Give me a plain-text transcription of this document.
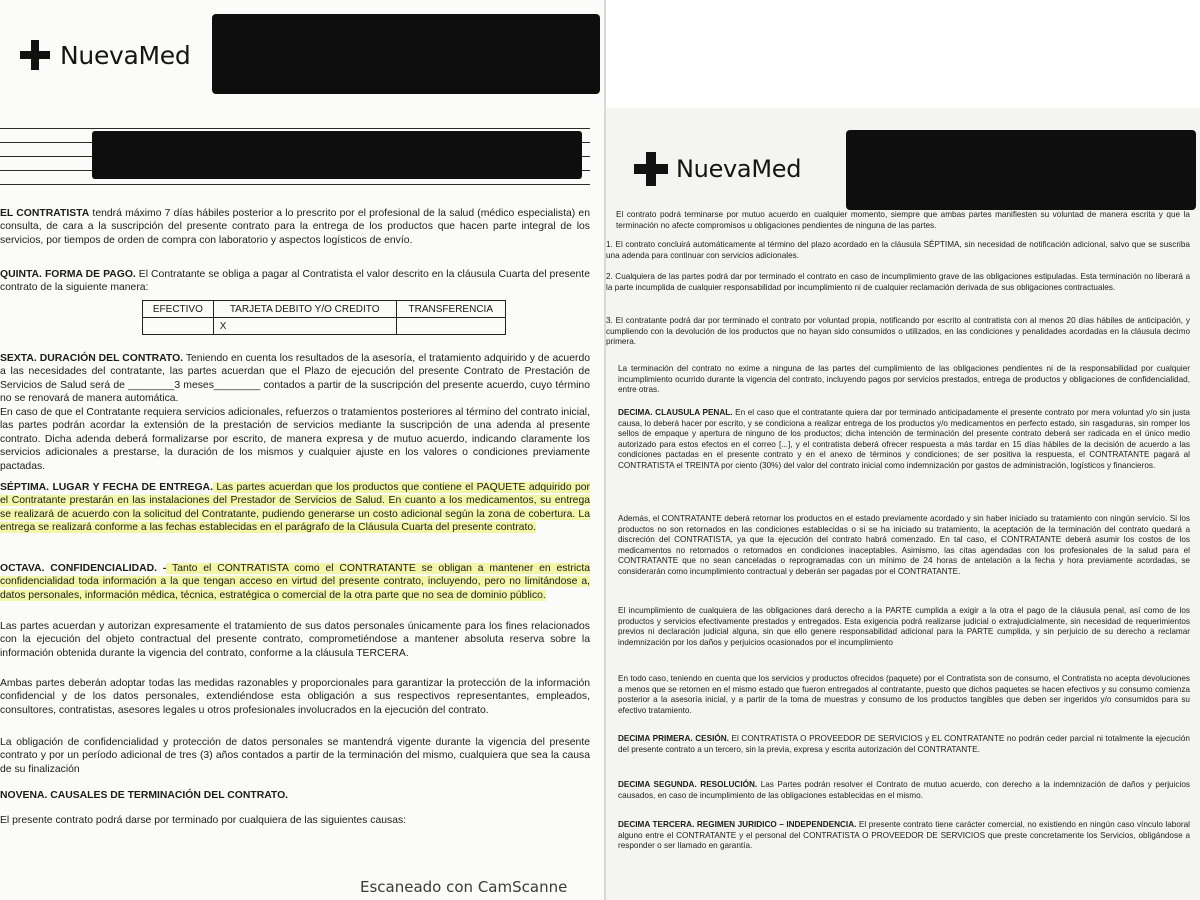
NuevaMed

EL CONTRATISTA tendrá máximo 7 días hábiles posterior a lo prescrito por el profesional de la salud (médico especialista) en consulta, de cara a la suscripción del presente contrato para la entrega de los productos que hacen parte integral de los servicios, por tiempos de orden de compra con laboratorio y aspectos logísticos de envío.

QUINTA. FORMA DE PAGO. El Contratante se obliga a pagar al Contratista el valor descrito en la cláusula Cuarta del presente contrato de la siguiente manera:

EFECTIVO	TARJETA DEBITO Y/O CREDITO	TRANSFERENCIA
	X	

SEXTA. DURACIÓN DEL CONTRATO. Teniendo en cuenta los resultados de la asesoría, el tratamiento adquirido y de acuerdo a las necesidades del contratante, las partes acuerdan que el Plazo de ejecución del presente Contrato de Prestación de Servicios de Salud será de ________3 meses________ contados a partir de la suscripción del presente acuerdo, cuyo término no se renovará de manera automática.

En caso de que el Contratante requiera servicios adicionales, refuerzos o tratamientos posteriores al término del contrato inicial, las partes podrán acordar la extensión de la prestación de servicios mediante la suscripción de una adenda al presente contrato. Dicha adenda deberá formalizarse por escrito, de manera expresa y de mutuo acuerdo, indicando claramente los servicios adicionales a prestarse, la duración de los mismos y cualquier ajuste en los valores o condiciones previamente pactadas.

SÉPTIMA. LUGAR Y FECHA DE ENTREGA. Las partes acuerdan que los productos que contiene el PAQUETE adquirido por el Contratante prestarán en las instalaciones del Prestador de Servicios de Salud. En cuanto a los medicamentos, su entrega se realizará de acuerdo con la solicitud del Contratante, pudiendo generarse un costo adicional según la zona de cobertura. La entrega se realizará conforme a las fechas establecidas en el parágrafo de la Cláusula Cuarta del presente contrato.

OCTAVA. CONFIDENCIALIDAD. - Tanto el CONTRATISTA como el CONTRATANTE se obligan a mantener en estricta confidencialidad toda información a la que tengan acceso en virtud del presente contrato, incluyendo, pero no limitándose a, datos personales, información médica, técnica, estratégica o comercial de la otra parte que no sea de dominio público.

Las partes acuerdan y autorizan expresamente el tratamiento de sus datos personales únicamente para los fines relacionados con la ejecución del objeto contractual del presente contrato, comprometiéndose a mantener absoluta reserva sobre la información obtenida durante la vigencia del contrato, conforme a la cláusula TERCERA.

Ambas partes deberán adoptar todas las medidas razonables y proporcionales para garantizar la protección de la información confidencial y de los datos personales, extendiéndose esta obligación a sus respectivos representantes, empleados, consultores, contratistas, asesores legales u otros profesionales involucrados en la ejecución del contrato.

La obligación de confidencialidad y protección de datos personales se mantendrá vigente durante la vigencia del presente contrato y por un período adicional de tres (3) años contados a partir de la terminación del mismo, cualquiera que sea la causa de su finalización

NOVENA. CAUSALES DE TERMINACIÓN DEL CONTRATO.

El presente contrato podrá darse por terminado por cualquiera de las siguientes causas:

Escaneado con CamScanne
NuevaMed

El contrato podrá terminarse por mutuo acuerdo en cualquier momento, siempre que ambas partes manifiesten su voluntad de manera escrita y que la terminación no afecte compromisos u obligaciones pendientes de ninguna de las partes.

1. El contrato concluirá automáticamente al término del plazo acordado en la cláusula SÉPTIMA, sin necesidad de notificación adicional, salvo que se suscriba una adenda para continuar con servicios adicionales.

2. Cualquiera de las partes podrá dar por terminado el contrato en caso de incumplimiento grave de las obligaciones estipuladas. Esta terminación no liberará a la parte incumplida de cualquier responsabilidad por incumplimiento ni de cualquier reclamación derivada de sus obligaciones contractuales.

3. El contratante podrá dar por terminado el contrato por voluntad propia, notificando por escrito al contratista con al menos 20 días hábiles de anticipación, y cumpliendo con la devolución de los productos que no hayan sido consumidos o utilizados, en las condiciones y penalidades acordadas en la cláusula decimo primera.

La terminación del contrato no exime a ninguna de las partes del cumplimiento de las obligaciones pendientes ni de la responsabilidad por cualquier incumplimiento ocurrido durante la vigencia del contrato, incluyendo pagos por servicios prestados, entrega de productos y obligaciones de confidencialidad, entre otras.

DECIMA. CLAUSULA PENAL. En el caso que el contratante quiera dar por terminado anticipadamente el presente contrato por mera voluntad y/o sin justa causa, lo deberá hacer por escrito, y se condiciona a realizar entrega de los productos y/o medicamentos en perfecto estado, sin rasgaduras, sin romper los sellos de empaque y apertura de ninguno de los productos; dicha intención de terminación del presente contrato deberá ser radicada en el único medio autorizado para estos efectos en el correo [...], y el contratista deberá ofrecer respuesta a más tardar en 15 días hábiles de la decisión de acuerdo a las condiciones pactadas en el presente contrato y en el anexo de términos y condiciones; de ser positiva la respuesta, el CONTRATANTE pagará al CONTRATISTA el TREINTA por ciento (30%) del valor del contrato inicial como indemnización por gastos de administración, logísticos y financieros.

Además, el CONTRATANTE deberá retornar los productos en el estado previamente acordado y sin haber iniciado su tratamiento con ningún servicio. Si los productos no son retornados en las condiciones establecidas o si se ha iniciado su tratamiento, la aceptación de la terminación del contrato quedará a discreción del CONTRATISTA, ya que la ejecución del contrato habrá comenzado. En tal caso, el CONTRATANTE deberá asumir los costos de los medicamentos no retornados o retornados en condiciones inaceptables. Asimismo, las citas agendadas con los profesionales de la salud para el CONTRATANTE que no sean canceladas o reprogramadas con un mínimo de 24 horas de antelación a la fecha y hora previamente acordadas, se considerarán como incumplimiento contractual y deberán ser pagadas por el CONTRATANTE.

El incumplimiento de cualquiera de las obligaciones dará derecho a la PARTE cumplida a exigir a la otra el pago de la cláusula penal, así como de los productos y servicios efectivamente prestados y entregados. Esta exigencia podrá realizarse judicial o extrajudicialmente, sin necesidad de requerimientos previos ni declaración judicial alguna, sin que ello genere responsabilidad adicional para la PARTE cumplida, y sin perjuicio de su derecho a reclamar indemnización por los daños y perjuicios ocasionados por el incumplimiento

En todo caso, teniendo en cuenta que los servicios y productos ofrecidos (paquete) por el Contratista son de consumo, el Contratista no acepta devoluciones a menos que se retornen en el mismo estado que fueron entregados al contratante, puesto que dichos paquetes se hacen efectivos y su consumo comienza posterior a la asesoría inicial, y a partir de la toma de muestras y consumo de los productos tangibles que deben ser ingeridos y/o consumidos para su efectivo tratamiento.

DECIMA PRIMERA. CESIÓN. El CONTRATISTA O PROVEEDOR DE SERVICIOS y EL CONTRATANTE no podrán ceder parcial ni totalmente la ejecución del presente contrato a un tercero, sin la previa, expresa y escrita autorización del CONTRATANTE.

DECIMA SEGUNDA. RESOLUCIÓN. Las Partes podrán resolver el Contrato de mutuo acuerdo, con derecho a la indemnización de daños y perjuicios causados, en caso de incumplimiento de las obligaciones establecidas en el mismo.

DECIMA TERCERA. REGIMEN JURIDICO – INDEPENDENCIA. El presente contrato tiene carácter comercial, no existiendo en ningún caso vínculo laboral alguno entre el CONTRATANTE y el personal del CONTRATISTA O PROVEEDOR DE SERVICIOS que preste concretamente los Servicios, obligándose a responder o ser llamado en garantía.
